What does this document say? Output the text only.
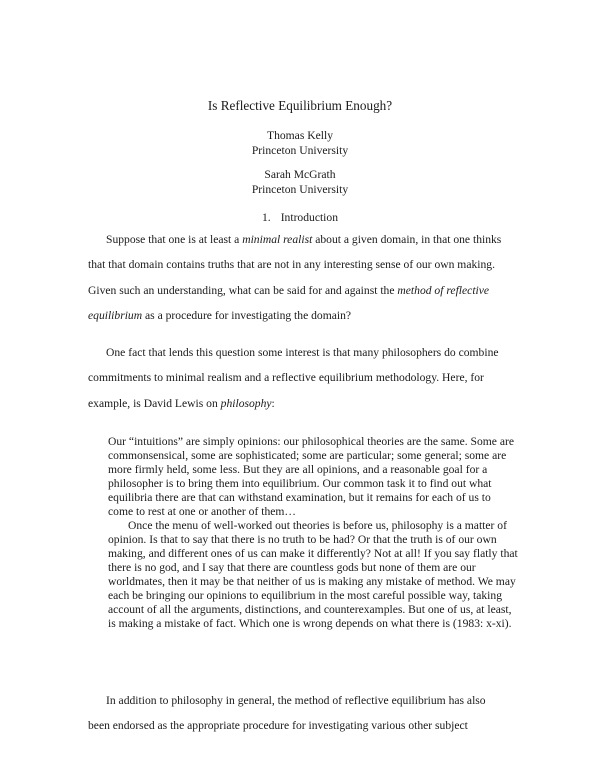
Is Reflective Equilibrium Enough?
Thomas Kelly
Princeton University
Sarah McGrath
Princeton University
1. Introduction

Suppose that one is at least a minimal realist about a given domain, in that one thinks that that domain contains truths that are not in any interesting sense of our own making. Given such an understanding, what can be said for and against the method of reflective equilibrium as a procedure for investigating the domain?

One fact that lends this question some interest is that many philosophers do combine commitments to minimal realism and a reflective equilibrium methodology. Here, for example, is David Lewis on philosophy:

Our “intuitions” are simply opinions: our philosophical theories are the same. Some are commonsensical, some are sophisticated; some are particular; some general; some are more firmly held, some less. But they are all opinions, and a reasonable goal for a philosopher is to bring them into equilibrium. Our common task it to find out what equilibria there are that can withstand examination, but it remains for each of us to come to rest at one or another of them…

Once the menu of well-worked out theories is before us, philosophy is a matter of opinion. Is that to say that there is no truth to be had? Or that the truth is of our own making, and different ones of us can make it differently? Not at all! If you say flatly that there is no god, and I say that there are countless gods but none of them are our worldmates, then it may be that neither of us is making any mistake of method. We may each be bringing our opinions to equilibrium in the most careful possible way, taking account of all the arguments, distinctions, and counterexamples. But one of us, at least, is making a mistake of fact. Which one is wrong depends on what there is (1983: x-xi).

In addition to philosophy in general, the method of reflective equilibrium has also been endorsed as the appropriate procedure for investigating various other subject
